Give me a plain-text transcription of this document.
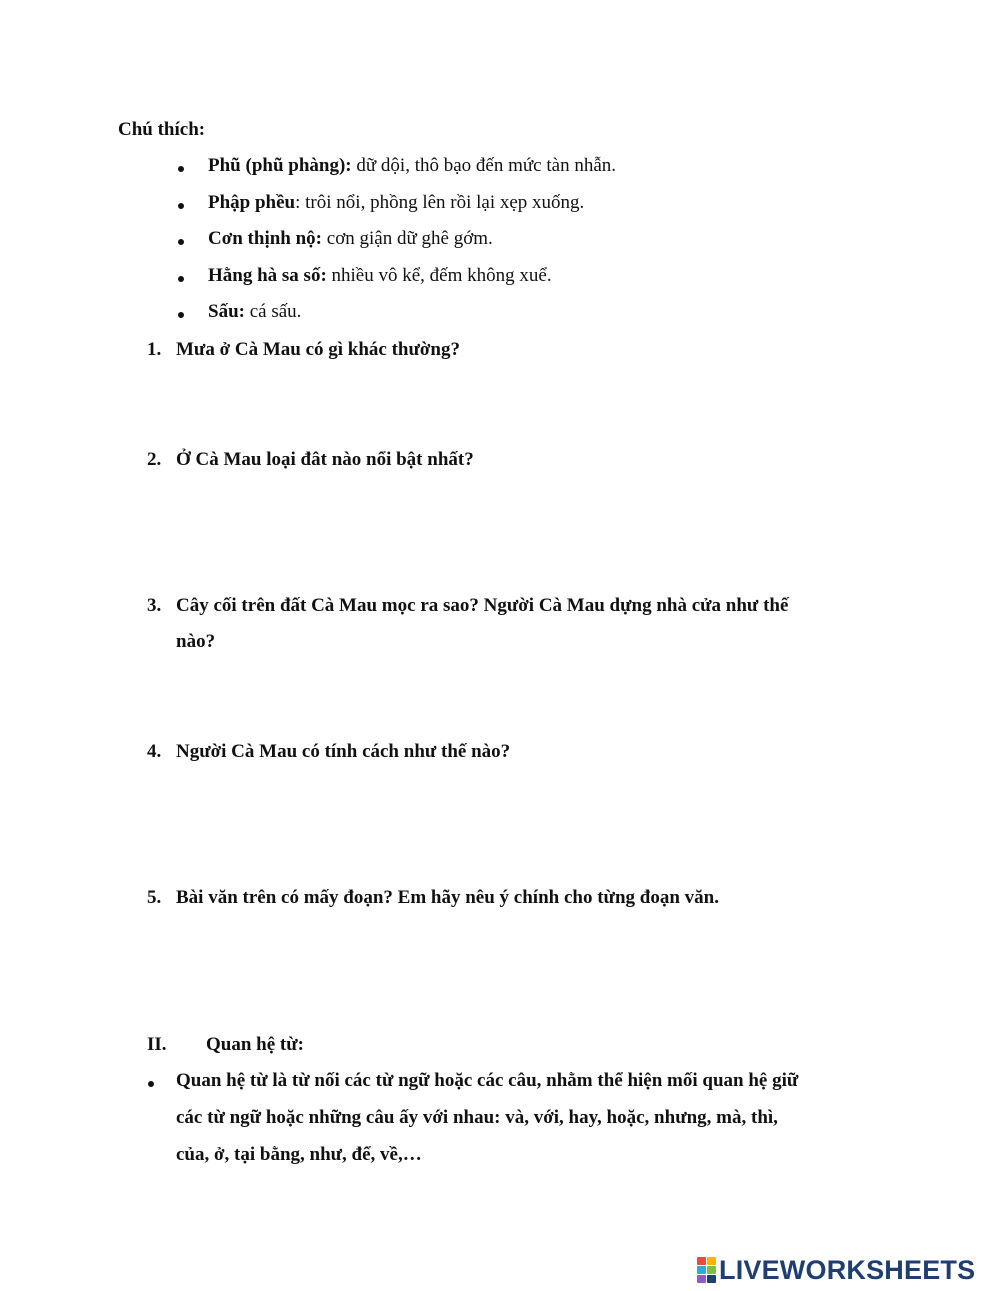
Chú thích:
Phũ (phũ phàng): dữ dội, thô bạo đến mức tàn nhẫn.
Phập phều: trôi nổi, phồng lên rồi lại xẹp xuống.
Cơn thịnh nộ: cơn giận dữ ghê gớm.
Hằng hà sa số: nhiều vô kể, đếm không xuể.
Sấu: cá sấu.
1. Mưa ở Cà Mau có gì khác thường?
2. Ở Cà Mau loại đât nào nổi bật nhất?
3. Cây cối trên đất Cà Mau mọc ra sao? Người Cà Mau dựng nhà cửa như thế
nào?
4. Người Cà Mau có tính cách như thế nào?
5. Bài văn trên có mấy đoạn? Em hãy nêu ý chính cho từng đoạn văn.
II. Quan hệ từ:
Quan hệ từ là từ nối các từ ngữ hoặc các câu, nhằm thể hiện mối quan hệ giữ
các từ ngữ hoặc những câu ấy với nhau: và, với, hay, hoặc, nhưng, mà, thì,
của, ở, tại bằng, như, để, về,…
LIVEWORKSHEETS
